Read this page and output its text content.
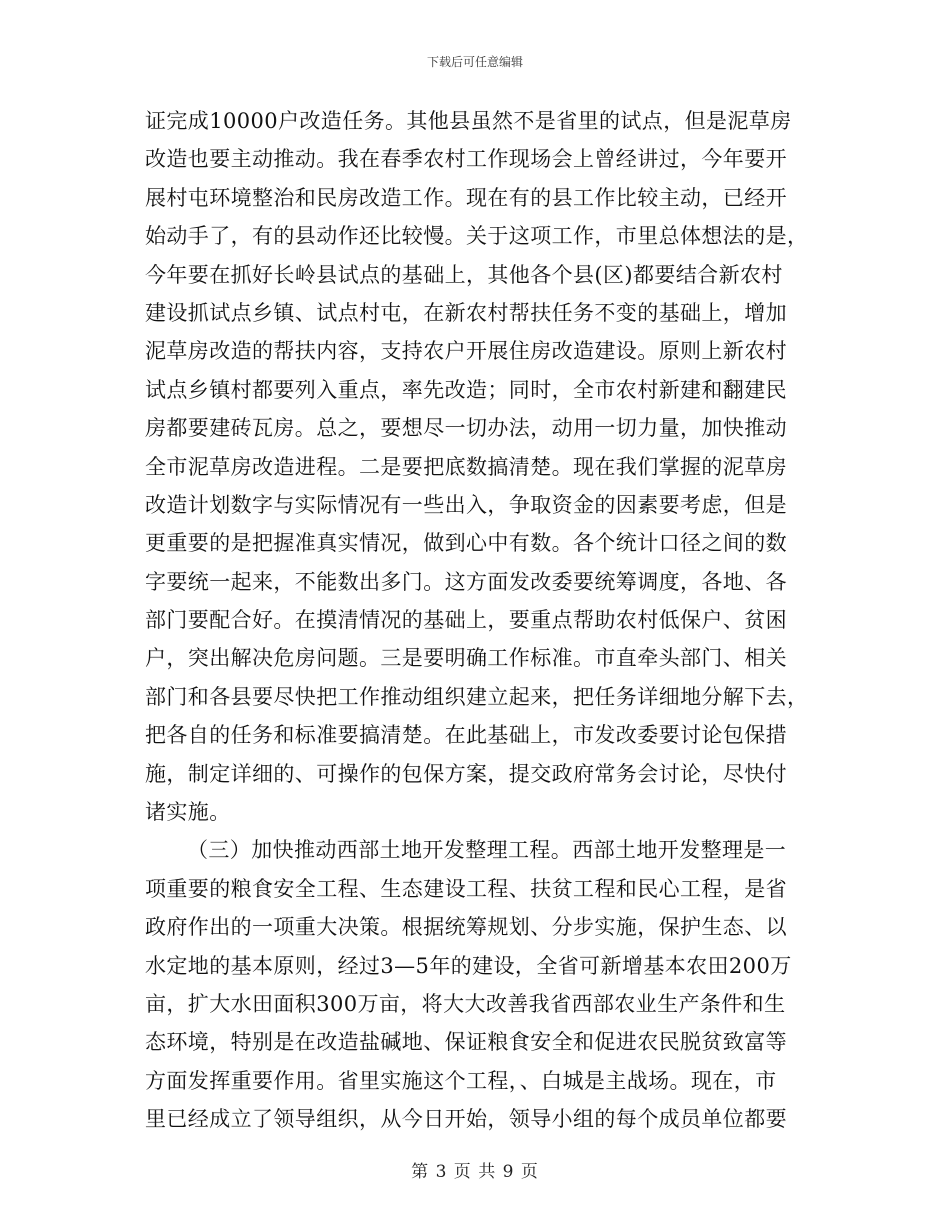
下载后可任意编辑
证完成10000户改造任务。其他县虽然不是省里的试点，但是泥草房
改造也要主动推动。我在春季农村工作现场会上曾经讲过，今年要开
展村屯环境整治和民房改造工作。现在有的县工作比较主动，已经开
始动手了，有的县动作还比较慢。关于这项工作，市里总体想法的是，
今年要在抓好长岭县试点的基础上，其他各个县(区)都要结合新农村
建设抓试点乡镇、试点村屯，在新农村帮扶任务不变的基础上，增加
泥草房改造的帮扶内容，支持农户开展住房改造建设。原则上新农村
试点乡镇村都要列入重点，率先改造；同时，全市农村新建和翻建民
房都要建砖瓦房。总之，要想尽一切办法，动用一切力量，加快推动
全市泥草房改造进程。二是要把底数搞清楚。现在我们掌握的泥草房
改造计划数字与实际情况有一些出入，争取资金的因素要考虑，但是
更重要的是把握准真实情况，做到心中有数。各个统计口径之间的数
字要统一起来，不能数出多门。这方面发改委要统筹调度，各地、各
部门要配合好。在摸清情况的基础上，要重点帮助农村低保户、贫困
户，突出解决危房问题。三是要明确工作标准。市直牵头部门、相关
部门和各县要尽快把工作推动组织建立起来，把任务详细地分解下去，
把各自的任务和标准要搞清楚。在此基础上，市发改委要讨论包保措
施，制定详细的、可操作的包保方案，提交政府常务会讨论，尽快付
诸实施。
（三）加快推动西部土地开发整理工程。西部土地开发整理是一
项重要的粮食安全工程、生态建设工程、扶贫工程和民心工程，是省
政府作出的一项重大决策。根据统筹规划、分步实施，保护生态、以
水定地的基本原则，经过3—5年的建设，全省可新增基本农田200万
亩，扩大水田面积300万亩，将大大改善我省西部农业生产条件和生
态环境，特别是在改造盐碱地、保证粮食安全和促进农民脱贫致富等
方面发挥重要作用。省里实施这个工程，、白城是主战场。现在，市
里已经成立了领导组织，从今日开始，领导小组的每个成员单位都要
第 3 页 共 9 页
